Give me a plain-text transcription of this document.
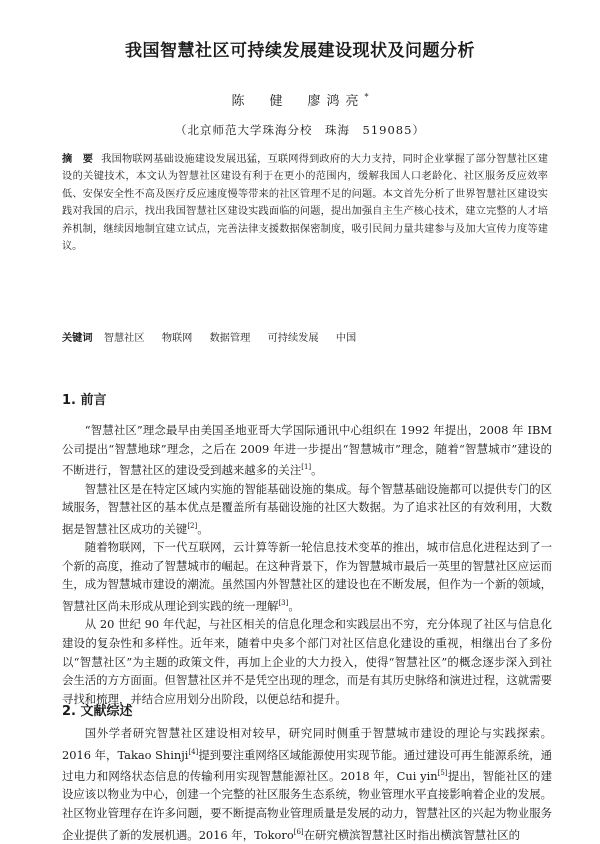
我国智慧社区可持续发展建设现状及问题分析
陈　健　廖鸿亮*
（北京师范大学珠海分校　珠海　519085）
摘　要 我国物联网基础设施建设发展迅猛，互联网得到政府的大力支持，同时企业掌握了部分智慧社区建设的关键技术，本文认为智慧社区建设有利于在更小的范围内，缓解我国人口老龄化、社区服务反应效率低、安保安全性不高及医疗反应速度慢等带来的社区管理不足的问题。本文首先分析了世界智慧社区建设实践对我国的启示，找出我国智慧社区建设实践面临的问题，提出加强自主生产核心技术，建立完整的人才培养机制，继续因地制宜建立试点，完善法律支援数据保密制度，吸引民间力量共建参与及加大宣传力度等建议。
关键词 智慧社区 物联网 数据管理 可持续发展 中国
1. 前言

“智慧社区”理念最早由美国圣地亚哥大学国际通讯中心组织在 1992 年提出，2008 年 IBM 公司提出“智慧地球”理念，之后在 2009 年进一步提出“智慧城市”理念，随着“智慧城市”建设的不断进行，智慧社区的建设受到越来越多的关注[1]。

智慧社区是在特定区域内实施的智能基础设施的集成。每个智慧基础设施都可以提供专门的区域服务，智慧社区的基本优点是覆盖所有基础设施的社区大数据。为了追求社区的有效利用，大数据是智慧社区成功的关键[2]。

随着物联网，下一代互联网，云计算等新一轮信息技术变革的推出，城市信息化进程达到了一个新的高度，推动了智慧城市的崛起。在这种背景下，作为智慧城市最后一英里的智慧社区应运而生，成为智慧城市建设的潮流。虽然国内外智慧社区的建设也在不断发展，但作为一个新的领域，智慧社区尚未形成从理论到实践的统一理解[3]。

从 20 世纪 90 年代起，与社区相关的信息化理念和实践层出不穷，充分体现了社区与信息化建设的复杂性和多样性。近年来，随着中央多个部门对社区信息化建设的重视，相继出台了多份以“智慧社区”为主题的政策文件，再加上企业的大力投入，使得“智慧社区”的概念逐步深入到社会生活的方方面面。但智慧社区并不是凭空出现的理念，而是有其历史脉络和演进过程，这就需要寻找和梳理，并结合应用划分出阶段，以便总结和提升。

2. 文献综述

国外学者研究智慧社区建设相对较早，研究同时侧重于智慧城市建设的理论与实践探索。2016 年，Takao Shinji[4]提到要注重网络区域能源使用实现节能。通过建设可再生能源系统，通过电力和网络状态信息的传输利用实现智慧能源社区。2018 年，Cui yin[5]提出，智能社区的建设应该以物业为中心，创建一个完整的社区服务生态系统，物业管理水平直接影响着企业的发展。社区物业管理存在许多问题，要不断提高物业管理质量是发展的动力，智慧社区的兴起为物业服务企业提供了新的发展机遇。2016 年，Tokoro[6]在研究横滨智慧社区时指出横滨智慧社区的
